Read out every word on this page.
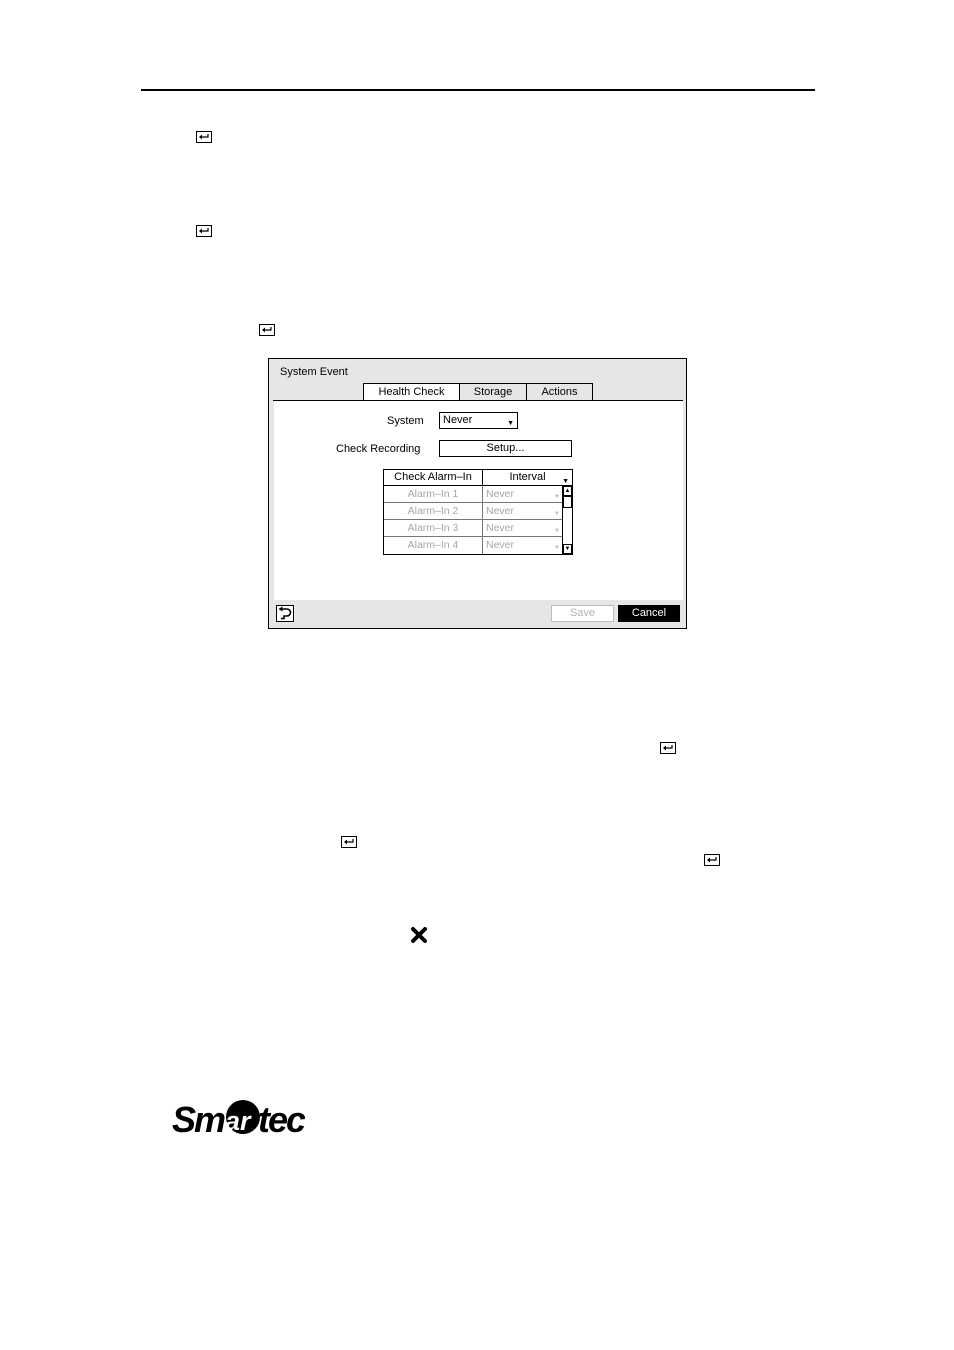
System Event
Health Check	Storage	Actions
System	Never	▼
Check Recording	Setup...
Check Alarm–In	Interval ▼
Alarm–In 1	Never	▼
Alarm–In 2	Never	▼
Alarm–In 3	Never	▼
Alarm–In 4	Never	▼
▲
▼
Save	Cancel
Sm ar tec
